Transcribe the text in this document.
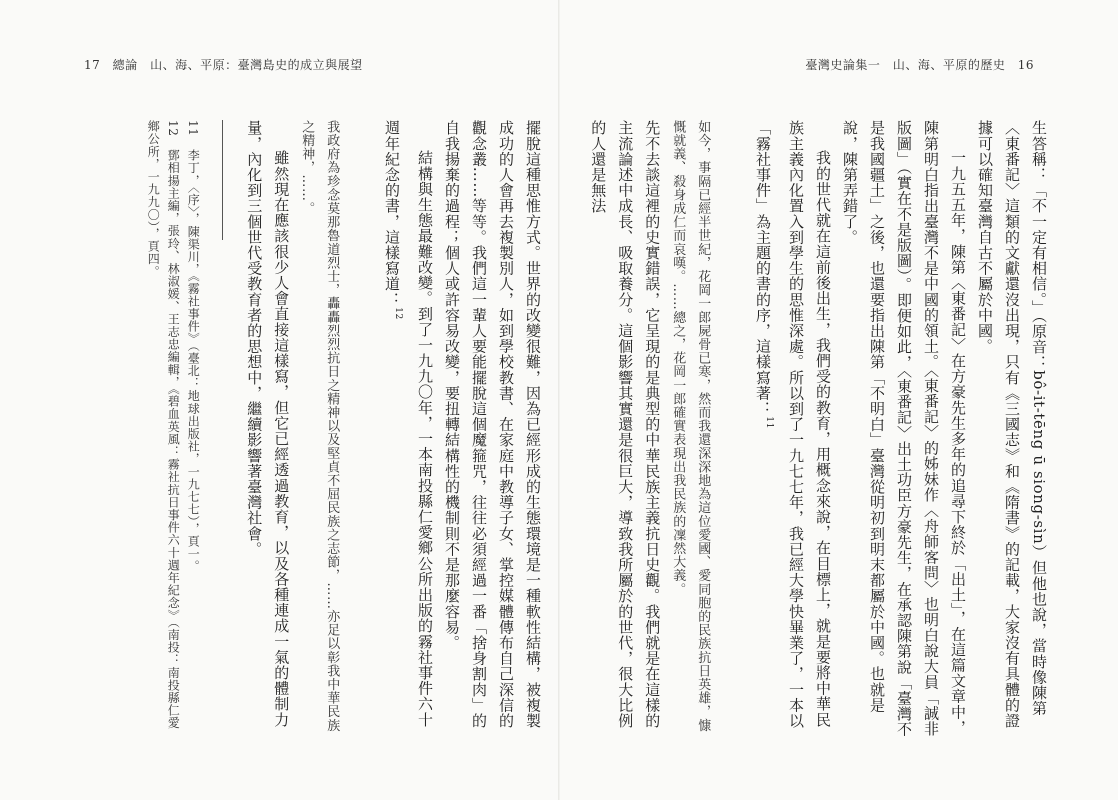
17 總論　山、海、平原：臺灣島史的成立與展望	臺灣史論集一　山、海、平原的歷史 16

生答稱：「不一定有相信。」（原音：bô-it-tēng ū siong-sìn）但他也說，當時像陳第〈東番記〉這類的文獻還沒出現，只有《三國志》和《隋書》的記載，大家沒有具體的證據可以確知臺灣自古不屬於中國。

一九五五年，陳第〈東番記〉在方豪先生多年的追尋下終於「出土」，在這篇文章中，陳第明白指出臺灣不是中國的領土。〈東番記〉的姊妹作〈舟師客問〉也明白說大員「誠非版圖」（實在不是版圖）。即便如此，〈東番記〉出土功臣方豪先生，在承認陳第說「臺灣不是我國疆土」之後，也還要指出陳第「不明白」臺灣從明初到明末都屬於中國。也就是說，陳第弄錯了。

我的世代就在這前後出生，我們受的教育，用概念來說，在目標上，就是要將中華民族主義內化置入到學生的思惟深處。所以到了一九七七年，我已經大學快畢業了，一本以「霧社事件」為主題的書的序，這樣寫著：$^{11}$

如今，事隔已經半世紀，花岡一郎屍骨已寒，然而我還深深地為這位愛國、愛同胞的民族抗日英雄，慷慨就義、殺身成仁而哀嘆。……總之，花岡一郎確實表現出我民族的凜然大義。

先不去談這裡的史實錯誤，它呈現的是典型的中華民族主義抗日史觀。我們就是在這樣的主流論述中成長、吸取養分。這個影響其實還是很巨大，導致我所屬於的世代，很大比例的人還是無法

擺脫這種思惟方式。世界的改變很難，因為已經形成的生態環境是一種軟性結構，被複製成功的人會再去複製別人，如到學校教書、在家庭中教導子女、掌控媒體傳布自己深信的觀念叢……等等。我們這一輩人要能擺脫這個魔箍咒，往往必須經過一番「捨身割肉」的自我揚棄的過程；個人或許容易改變，要扭轉結構性的機制則不是那麼容易。

結構與生態最難改變。到了一九九〇年，一本南投縣仁愛鄉公所出版的霧社事件六十週年紀念的書，這樣寫道：$^{12}$

我政府為珍念莫那魯道烈士，轟轟烈烈抗日之精神以及堅貞不屈民族之志節，……亦足以彰我中華民族之精神，……。

雖然現在應該很少人會直接這樣寫，但它已經透過教育，以及各種連成一氣的體制力量，內化到三個世代受教育者的思想中，繼續影響著臺灣社會。

11　李丁，〈序〉，陳渠川，《霧社事件》（臺北：地球出版社，一九七七），頁一。

12　鄧相揚主編，張玲、林淑媛、王志忠編輯，《碧血英風：霧社抗日事件六十週年紀念》（南投：南投縣仁愛鄉公所，一九九〇），頁四。
